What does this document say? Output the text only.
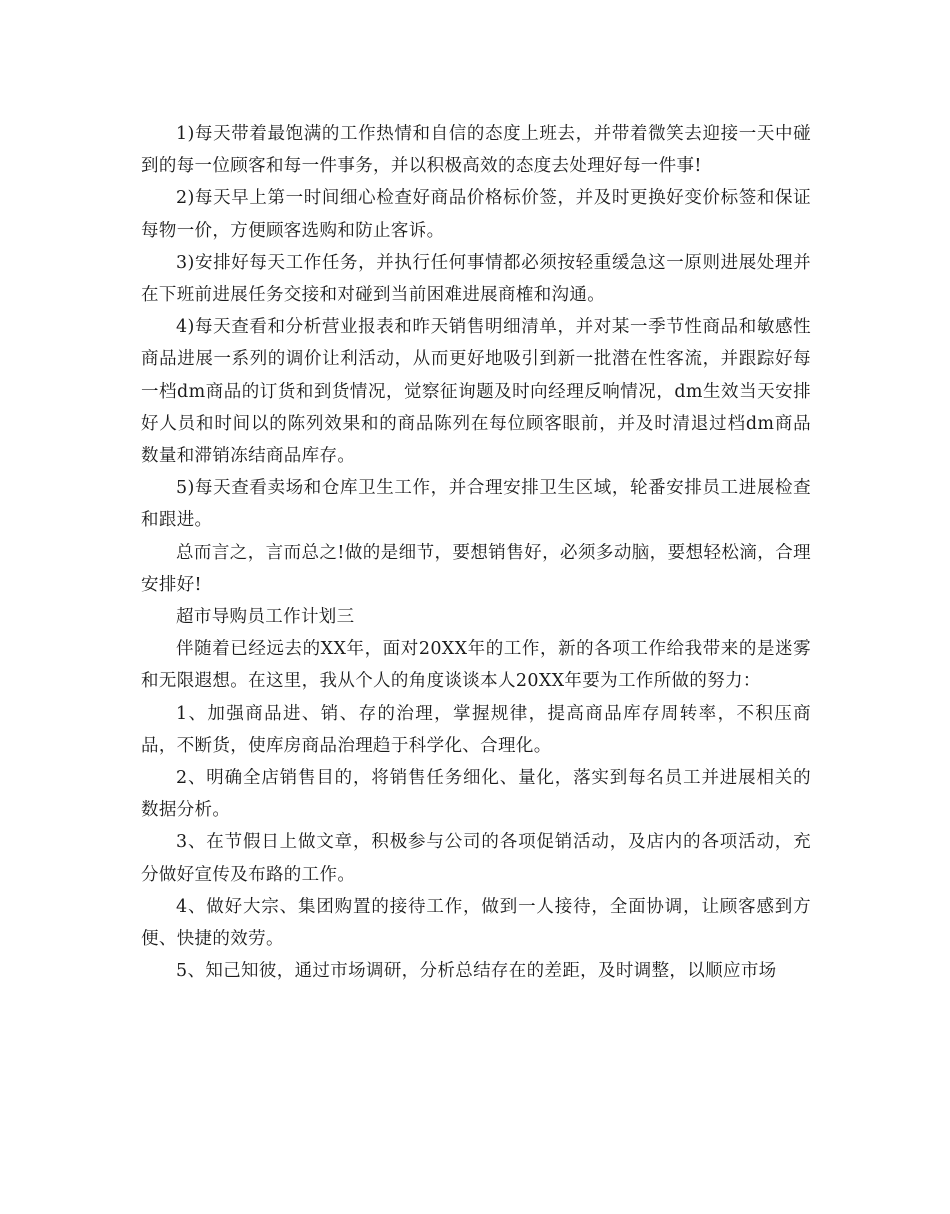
1)每天带着最饱满的工作热情和自信的态度上班去，并带着微笑去迎接一天中碰到的每一位顾客和每一件事务，并以积极高效的态度去处理好每一件事!

2)每天早上第一时间细心检查好商品价格标价签，并及时更换好变价标签和保证每物一价，方便顾客选购和防止客诉。

3)安排好每天工作任务，并执行任何事情都必须按轻重缓急这一原则进展处理并在下班前进展任务交接和对碰到当前困难进展商榷和沟通。

4)每天查看和分析营业报表和昨天销售明细清单，并对某一季节性商品和敏感性商品进展一系列的调价让利活动，从而更好地吸引到新一批潜在性客流，并跟踪好每一档dm商品的订货和到货情况，觉察征询题及时向经理反响情况，dm生效当天安排好人员和时间以的陈列效果和的商品陈列在每位顾客眼前，并及时清退过档dm商品数量和滞销冻结商品库存。

5)每天查看卖场和仓库卫生工作，并合理安排卫生区域，轮番安排员工进展检查和跟进。

总而言之，言而总之!做的是细节，要想销售好，必须多动脑，要想轻松滴，合理安排好!

超市导购员工作计划三

伴随着已经远去的XX年，面对20XX年的工作，新的各项工作给我带来的是迷雾和无限遐想。在这里，我从个人的角度谈谈本人20XX年要为工作所做的努力：

1、加强商品进、销、存的治理，掌握规律，提高商品库存周转率，不积压商品，不断货，使库房商品治理趋于科学化、合理化。

2、明确全店销售目的，将销售任务细化、量化，落实到每名员工并进展相关的数据分析。

3、在节假日上做文章，积极参与公司的各项促销活动，及店内的各项活动，充分做好宣传及布路的工作。

4、做好大宗、集团购置的接待工作，做到一人接待，全面协调，让顾客感到方便、快捷的效劳。

5、知己知彼，通过市场调研，分析总结存在的差距，及时调整，以顺应市场
